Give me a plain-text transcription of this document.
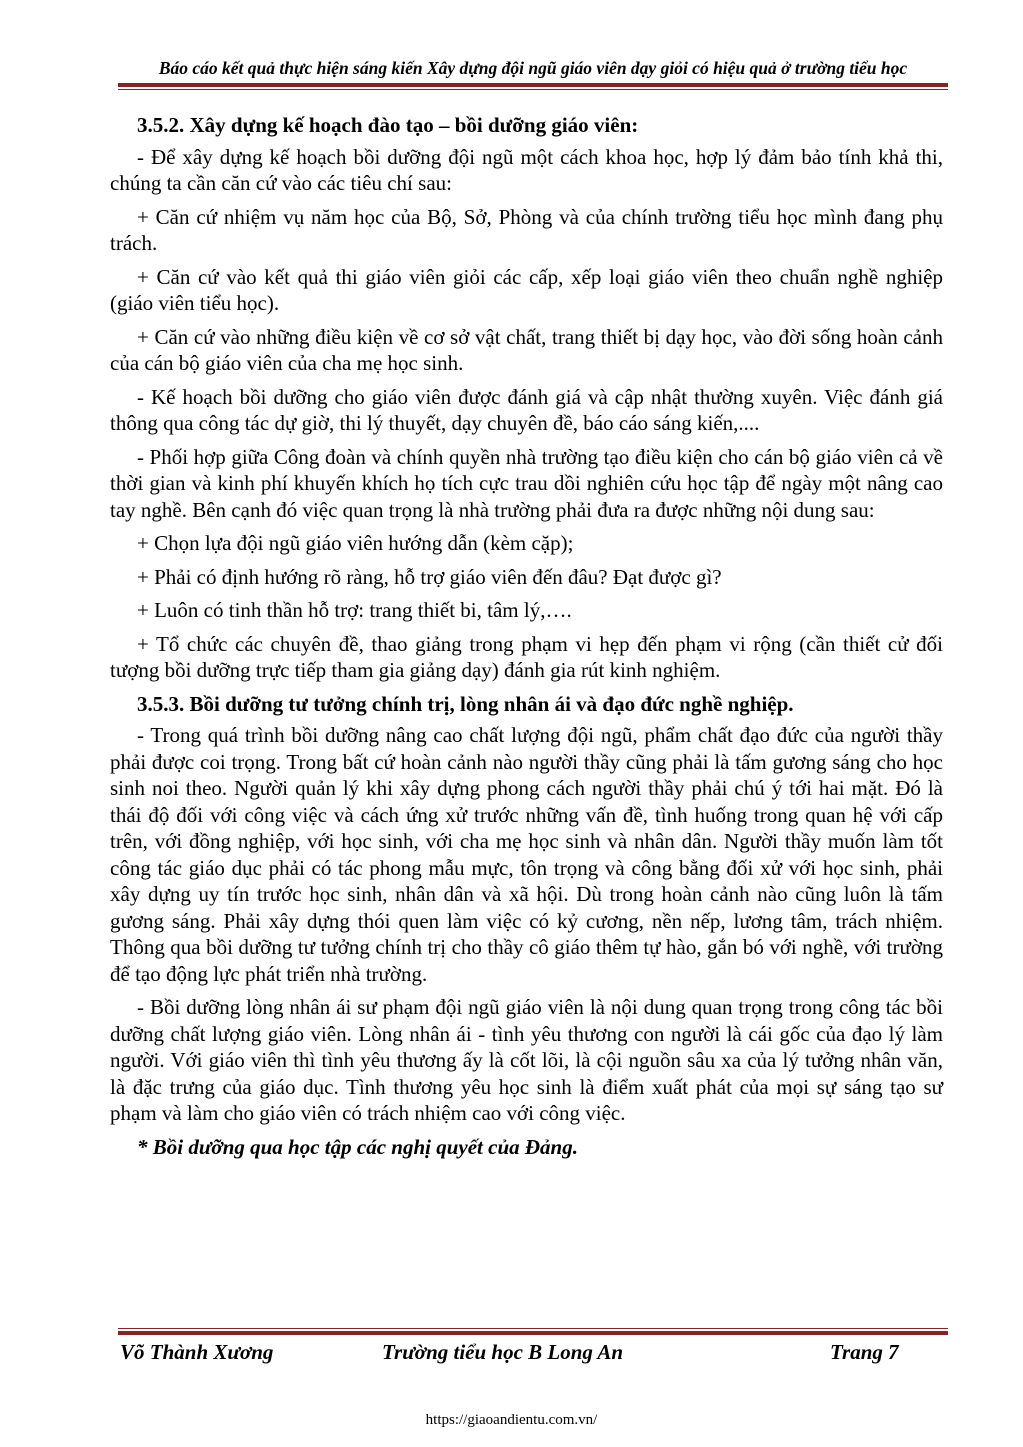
Báo cáo kết quả thực hiện sáng kiến Xây dựng đội ngũ giáo viên dạy giỏi có hiệu quả ở trường tiểu học
3.5.2. Xây dựng kế hoạch đào tạo – bồi dưỡng giáo viên:

- Để xây dựng kế hoạch bồi dưỡng đội ngũ một cách khoa học, hợp lý đảm bảo tính khả thi, chúng ta cần căn cứ vào các tiêu chí sau:

+ Căn cứ nhiệm vụ năm học của Bộ, Sở, Phòng và của chính trường tiểu học mình đang phụ trách.

+ Căn cứ vào kết quả thi giáo viên giỏi các cấp, xếp loại giáo viên theo chuẩn nghề nghiệp (giáo viên tiểu học).

+ Căn cứ vào những điều kiện về cơ sở vật chất, trang thiết bị dạy học, vào đời sống hoàn cảnh của cán bộ giáo viên của cha mẹ học sinh.

- Kế hoạch bồi dưỡng cho giáo viên được đánh giá và cập nhật thường xuyên. Việc đánh giá thông qua công tác dự giờ, thi lý thuyết, dạy chuyên đề, báo cáo sáng kiến,....

- Phối hợp giữa Công đoàn và chính quyền nhà trường tạo điều kiện cho cán bộ giáo viên cả về thời gian và kinh phí khuyến khích họ tích cực trau dồi nghiên cứu học tập để ngày một nâng cao tay nghề. Bên cạnh đó việc quan trọng là nhà trường phải đưa ra được những nội dung sau:

+ Chọn lựa đội ngũ giáo viên hướng dẫn (kèm cặp);

+ Phải có định hướng rõ ràng, hỗ trợ giáo viên đến đâu? Đạt được gì?

+ Luôn có tinh thần hỗ trợ: trang thiết bi, tâm lý,….

+ Tổ chức các chuyên đề, thao giảng trong phạm vi hẹp đến phạm vi rộng (cần thiết cử đối tượng bồi dưỡng trực tiếp tham gia giảng dạy) đánh gia rút kinh nghiệm.

3.5.3. Bồi dưỡng tư tưởng chính trị, lòng nhân ái và đạo đức nghề nghiệp.

- Trong quá trình bồi dưỡng nâng cao chất lượng đội ngũ, phẩm chất đạo đức của người thầy phải được coi trọng. Trong bất cứ hoàn cảnh nào người thầy cũng phải là tấm gương sáng cho học sinh noi theo. Người quản lý khi xây dựng phong cách người thầy phải chú ý tới hai mặt. Đó là thái độ đối với công việc và cách ứng xử trước những vấn đề, tình huống trong quan hệ với cấp trên, với đồng nghiệp, với học sinh, với cha mẹ học sinh và nhân dân. Người thầy muốn làm tốt công tác giáo dục phải có tác phong mẫu mực, tôn trọng và công bằng đối xử với học sinh, phải xây dựng uy tín trước học sinh, nhân dân và xã hội. Dù trong hoàn cảnh nào cũng luôn là tấm gương sáng. Phải xây dựng thói quen làm việc có kỷ cương, nền nếp, lương tâm, trách nhiệm. Thông qua bồi dưỡng tư tưởng chính trị cho thầy cô giáo thêm tự hào, gắn bó với nghề, với trường để tạo động lực phát triển nhà trường.

- Bồi dưỡng lòng nhân ái sư phạm đội ngũ giáo viên là nội dung quan trọng trong công tác bồi dưỡng chất lượng giáo viên. Lòng nhân ái - tình yêu thương con người là cái gốc của đạo lý làm người. Với giáo viên thì tình yêu thương ấy là cốt lõi, là cội nguồn sâu xa của lý tưởng nhân văn, là đặc trưng của giáo dục. Tình thương yêu học sinh là điểm xuất phát của mọi sự sáng tạo sư phạm và làm cho giáo viên có trách nhiệm cao với công việc.

* Bồi dưỡng qua học tập các nghị quyết của Đảng.
Võ Thành Xương	Trường tiểu học B Long An	Trang 7
https://giaoandientu.com.vn/
